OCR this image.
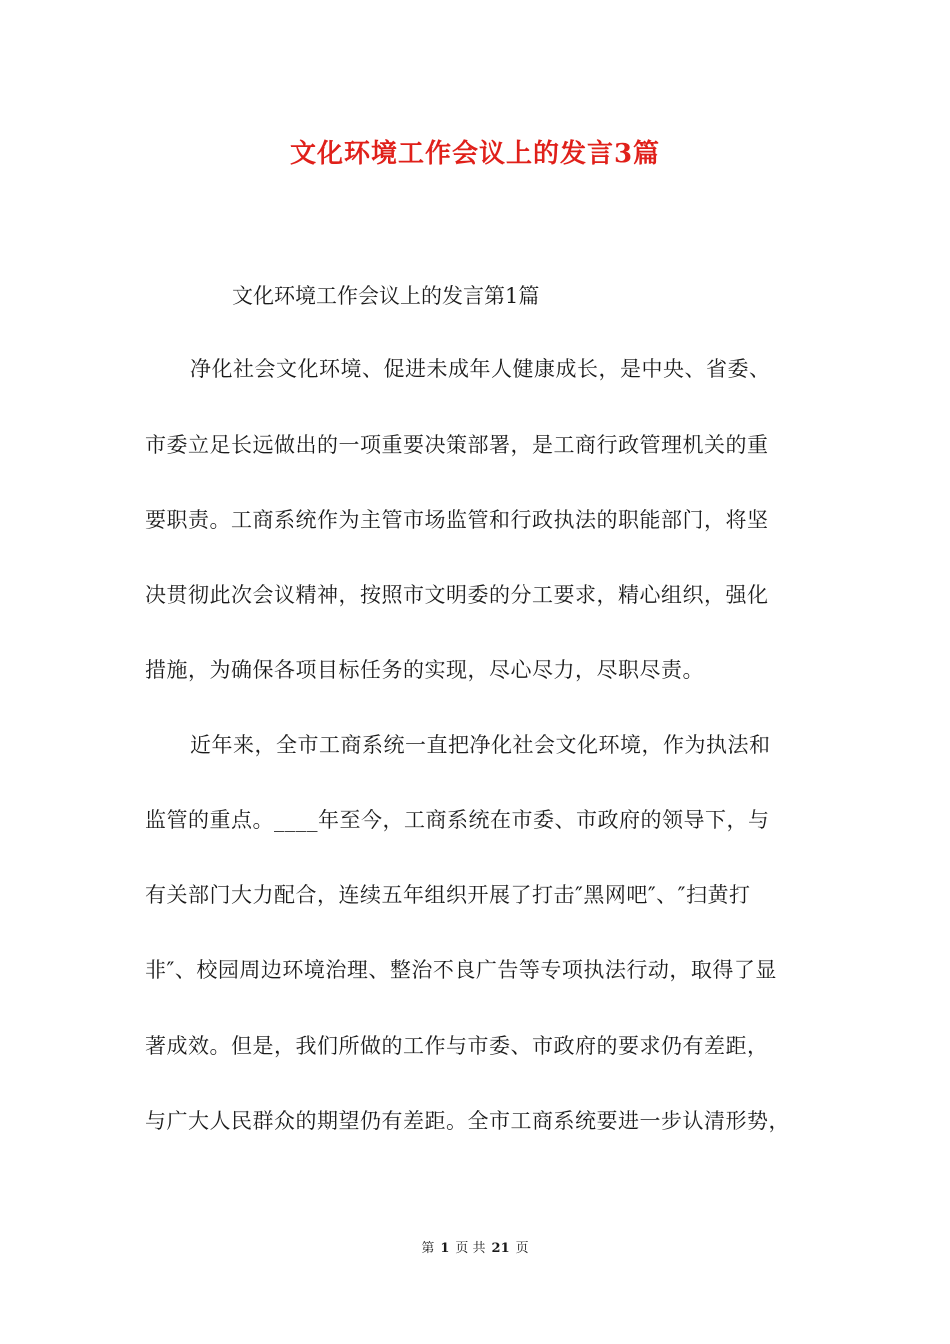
文化环境工作会议上的发言3篇
文化环境工作会议上的发言第1篇
净化社会文化环境、促进未成年人健康成长，是中央、省委、
市委立足长远做出的一项重要决策部署，是工商行政管理机关的重
要职责。工商系统作为主管市场监管和行政执法的职能部门，将坚
决贯彻此次会议精神，按照市文明委的分工要求，精心组织，强化
措施，为确保各项目标任务的实现，尽心尽力，尽职尽责。
近年来，全市工商系统一直把净化社会文化环境，作为执法和
监管的重点。____年至今，工商系统在市委、市政府的领导下，与
有关部门大力配合，连续五年组织开展了打击″黑网吧″、″扫黄打
非″、校园周边环境治理、整治不良广告等专项执法行动，取得了显
著成效。但是，我们所做的工作与市委、市政府的要求仍有差距，
与广大人民群众的期望仍有差距。全市工商系统要进一步认清形势，
第 1 页 共 21 页
